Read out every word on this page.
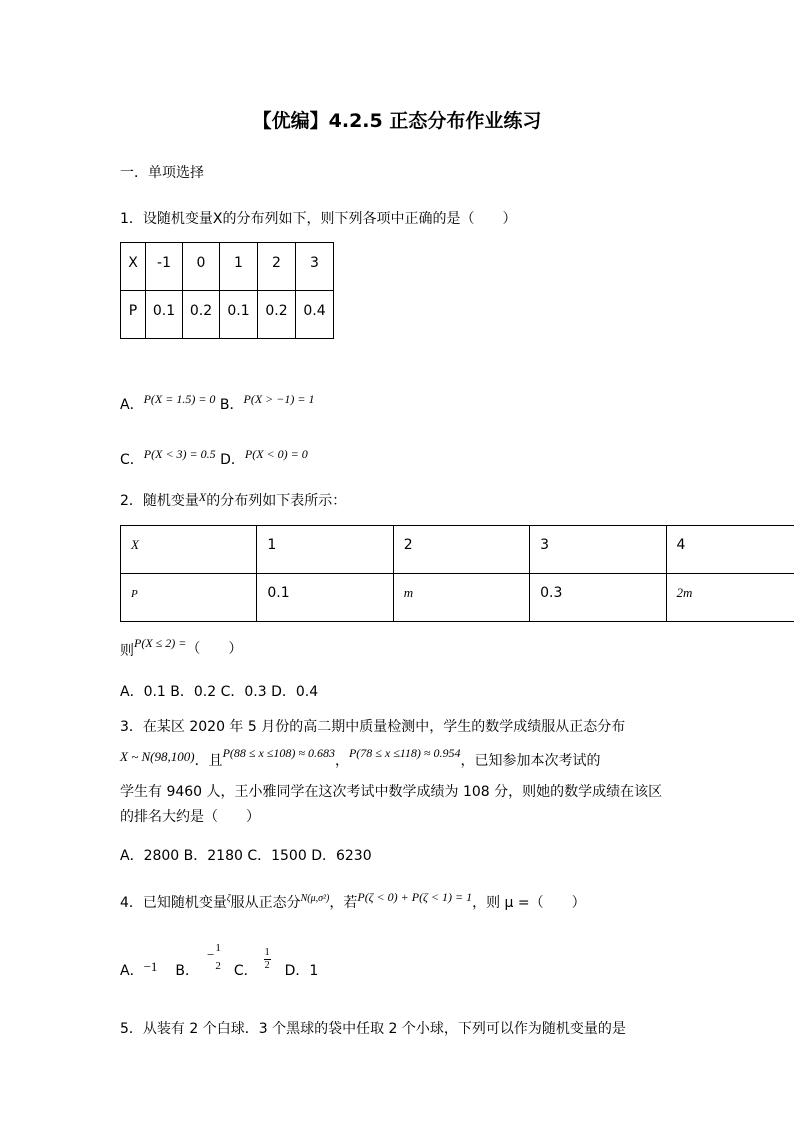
【优编】4.2.5 正态分布作业练习
一．单项选择
1．设随机变量X的分布列如下，则下列各项中正确的是（　　）
X	-1	0	1	2	3

P	0.1	0.2	0.1	0.2	0.4
A．P(X = 1.5) = 0 B．P(X > −1) = 1
C．P(X < 3) = 0.5 D．P(X < 0) = 0
2．随机变量X的分布列如下表所示：
X	1	2	3	4

P	0.1	m	0.3	2m
则P(X ≤ 2) =（　　）
A．0.1 B．0.2 C．0.3 D．0.4
3．在某区 2020 年 5 月份的高二期中质量检测中，学生的数学成绩服从正态分布
X ~ N(98,100)．且P(88 ≤ x ≤108) ≈ 0.683，P(78 ≤ x ≤118) ≈ 0.954，已知参加本次考试的
学生有 9460 人，王小雅同学在这次考试中数学成绩为 108 分，则她的数学成绩在该区
的排名大约是（　　）
A．2800 B．2180 C．1500 D．6230
4．已知随机变量ζ服从正态分N(μ,σ²)，若P(ζ < 0) + P(ζ < 1) = 1，则 μ =（　　）
A．−1 B．− 1
2 C． $\frac{1}{2}$ D．1
5．从装有 2 个白球．3 个黑球的袋中任取 2 个小球，下列可以作为随机变量的是
